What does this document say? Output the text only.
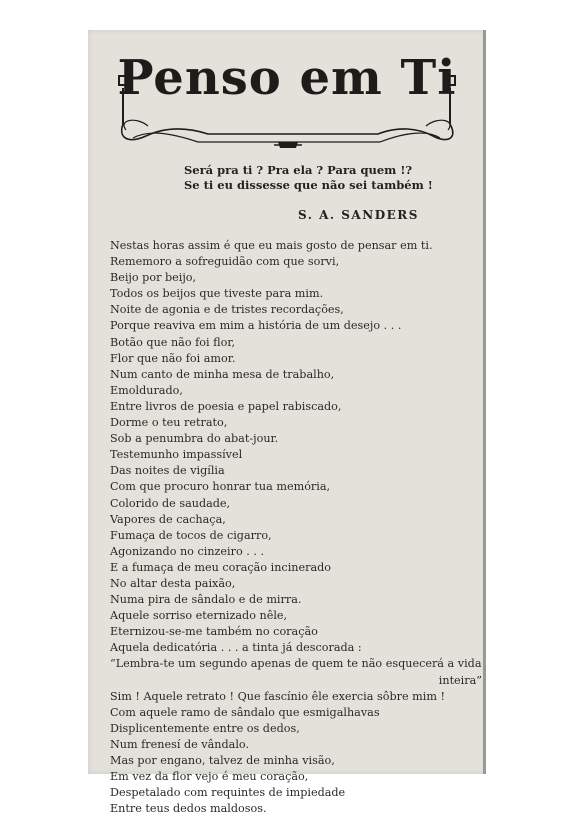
Penso em Ti
Será pra ti ? Pra ela ? Para quem !?
Se ti eu dissesse que não sei também !
S. A. SANDERS
Nestas horas assim é que eu mais gosto de pensar em ti.
Rememoro a sofreguidão com que sorvi,
Beijo por beijo,
Todos os beijos que tiveste para mim.
Noite de agonia e de tristes recordações,
Porque reaviva em mim a história de um desejo . . .
Botão que não foi flor,
Flor que não foi amor.
Num canto de minha mesa de trabalho,
Emoldurado,
Entre livros de poesia e papel rabiscado,
Dorme o teu retrato,
Sob a penumbra do abat-jour.
Testemunho impassível
Das noites de vigília
Com que procuro honrar tua memória,
Colorido de saudade,
Vapores de cachaça,
Fumaça de tocos de cigarro,
Agonizando no cinzeiro . . .
E a fumaça de meu coração incinerado
No altar desta paixão,
Numa pira de sândalo e de mirra.
Aquele sorriso eternizado nêle,
Eternizou-se-me também no coração
Aquela dedicatória . . . a tinta já descorada :
“Lembra-te um segundo apenas de quem te não esquecerá a vida
inteira”
Sim ! Aquele retrato ! Que fascínio êle exercia sôbre mim !
Com aquele ramo de sândalo que esmigalhavas
Displicentemente entre os dedos,
Num frenesí de vândalo.
Mas por engano, talvez de minha visão,
Em vez da flor vejo é meu coração,
Despetalado com requintes de impiedade
Entre teus dedos maldosos.
